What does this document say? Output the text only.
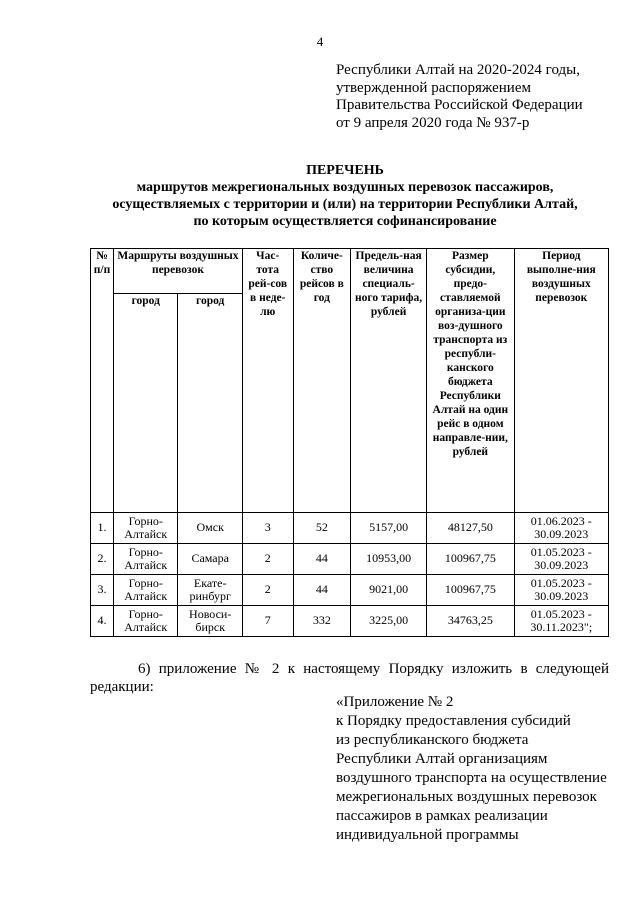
4
Республики Алтай на 2020-2024 годы,
утвержденной распоряжением
Правительства Российской Федерации
от 9 апреля 2020 года № 937-р
ПЕРЕЧЕНЬ
маршрутов межрегиональных воздушных перевозок пассажиров,
осуществляемых с территории и (или) на территории Республики Алтай,
по которым осуществляется софинансирование
№ п/п	Маршруты воздушных перевозок		Час-тота рей-сов в неде-лю	Количе-ство рейсов в год	Предель-ная величина специаль-ного тарифа, рублей	Размер субсидии, предо-ставляемой организа-ции воз-душного транспорта из республи-канского бюджета Республики Алтай на один рейс в одном направле-нии, рублей	Период выполне-ния воздушных перевозок
	город	город					
1.	Горно-Алтайск	Омск	3	52	5157,00	48127,50	01.06.2023 - 30.09.2023
2.	Горно-Алтайск	Самара	2	44	10953,00	100967,75	01.05.2023 - 30.09.2023
3.	Горно-Алтайск	Екате-ринбург	2	44	9021,00	100967,75	01.05.2023 - 30.09.2023
4.	Горно-Алтайск	Новоси-бирск	7	332	3225,00	34763,25	01.05.2023 - 30.11.2023";
6) приложение № 2 к настоящему Порядку изложить в следующей редакции:
«Приложение № 2
к Порядку предоставления субсидий
из республиканского бюджета
Республики Алтай организациям
воздушного транспорта на осуществление
межрегиональных воздушных перевозок
пассажиров в рамках реализации
индивидуальной программы
